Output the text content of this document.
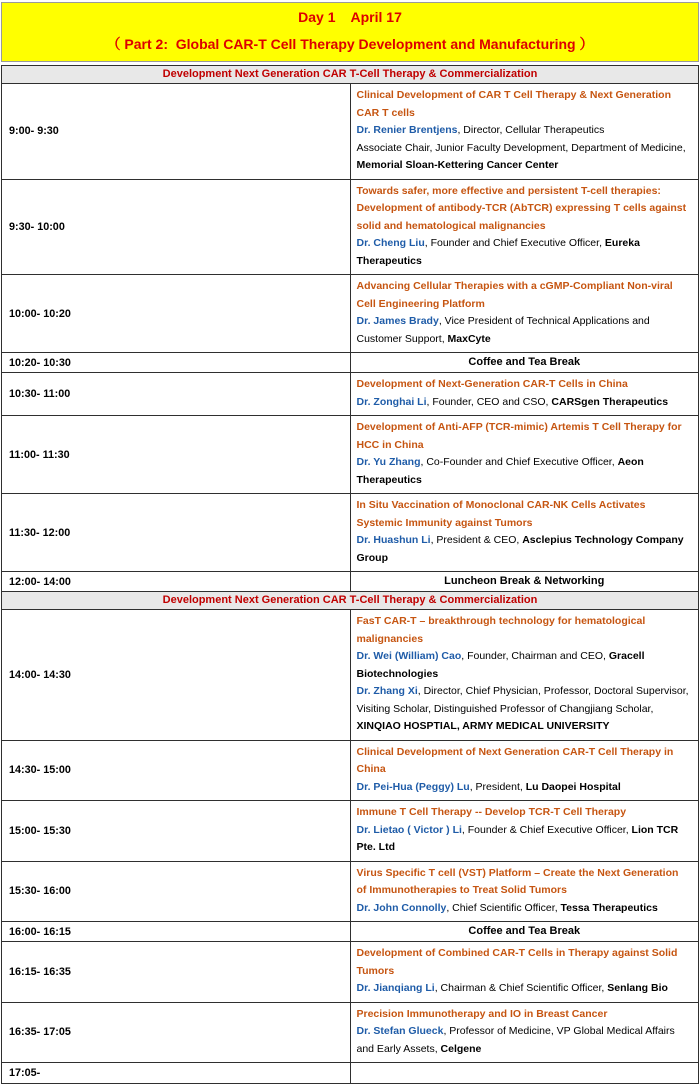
Day 1    April 17
（ Part 2:  Global CAR-T Cell Therapy Development and Manufacturing ）
Development Next Generation CAR T-Cell Therapy & Commercialization	
9:00- 9:30	Clinical Development of CAR T Cell Therapy & Next Generation CAR T cells
Dr. Renier Brentjens, Director, Cellular Therapeutics
Associate Chair, Junior Faculty Development, Department of Medicine, Memorial Sloan-Kettering Cancer Center

9:30- 10:00	Towards safer, more effective and persistent T-cell therapies: Development of antibody-TCR (AbTCR) expressing T cells against solid and hematological malignancies
Dr. Cheng Liu, Founder and Chief Executive Officer, Eureka Therapeutics

10:00- 10:20	Advancing Cellular Therapies with a cGMP-Compliant Non-viral Cell Engineering Platform
Dr. James Brady, Vice President of Technical Applications and Customer Support, MaxCyte

10:20- 10:30	Coffee and Tea Break
10:30- 11:00	Development of Next-Generation CAR-T Cells in China
Dr. Zonghai Li, Founder, CEO and CSO, CARSgen Therapeutics

11:00- 11:30	Development of Anti-AFP (TCR-mimic) Artemis T Cell Therapy for HCC in China
Dr. Yu Zhang, Co-Founder and Chief Executive Officer, Aeon Therapeutics

11:30- 12:00	In Situ Vaccination of Monoclonal CAR-NK Cells Activates Systemic Immunity against Tumors
Dr. Huashun Li, President & CEO, Asclepius Technology Company Group

12:00- 14:00	Luncheon Break & Networking
Development Next Generation CAR T-Cell Therapy & Commercialization	
14:00- 14:30	FasT CAR-T – breakthrough technology for hematological malignancies
Dr. Wei (William) Cao, Founder, Chairman and CEO, Gracell Biotechnologies
Dr. Zhang Xi, Director, Chief Physician, Professor, Doctoral Supervisor, Visiting Scholar, Distinguished Professor of Changjiang Scholar, XINQIAO HOSPTIAL, ARMY MEDICAL UNIVERSITY

14:30- 15:00	Clinical Development of Next Generation CAR-T Cell Therapy in China
Dr. Pei-Hua (Peggy) Lu, President, Lu Daopei Hospital

15:00- 15:30	Immune T Cell Therapy -- Develop TCR-T Cell Therapy
Dr. Lietao ( Victor ) Li, Founder & Chief Executive Officer, Lion TCR Pte. Ltd

15:30- 16:00	Virus Specific T cell (VST) Platform – Create the Next Generation of Immunotherapies to Treat Solid Tumors
Dr. John Connolly, Chief Scientific Officer, Tessa Therapeutics

16:00- 16:15	Coffee and Tea Break
16:15- 16:35	Development of Combined CAR-T Cells in Therapy against Solid Tumors
Dr. Jianqiang Li, Chairman & Chief Scientific Officer, Senlang Bio

16:35- 17:05	Precision Immunotherapy and IO in Breast Cancer
Dr. Stefan Glueck, Professor of Medicine, VP Global Medical Affairs and Early Assets, Celgene

17:05-	
